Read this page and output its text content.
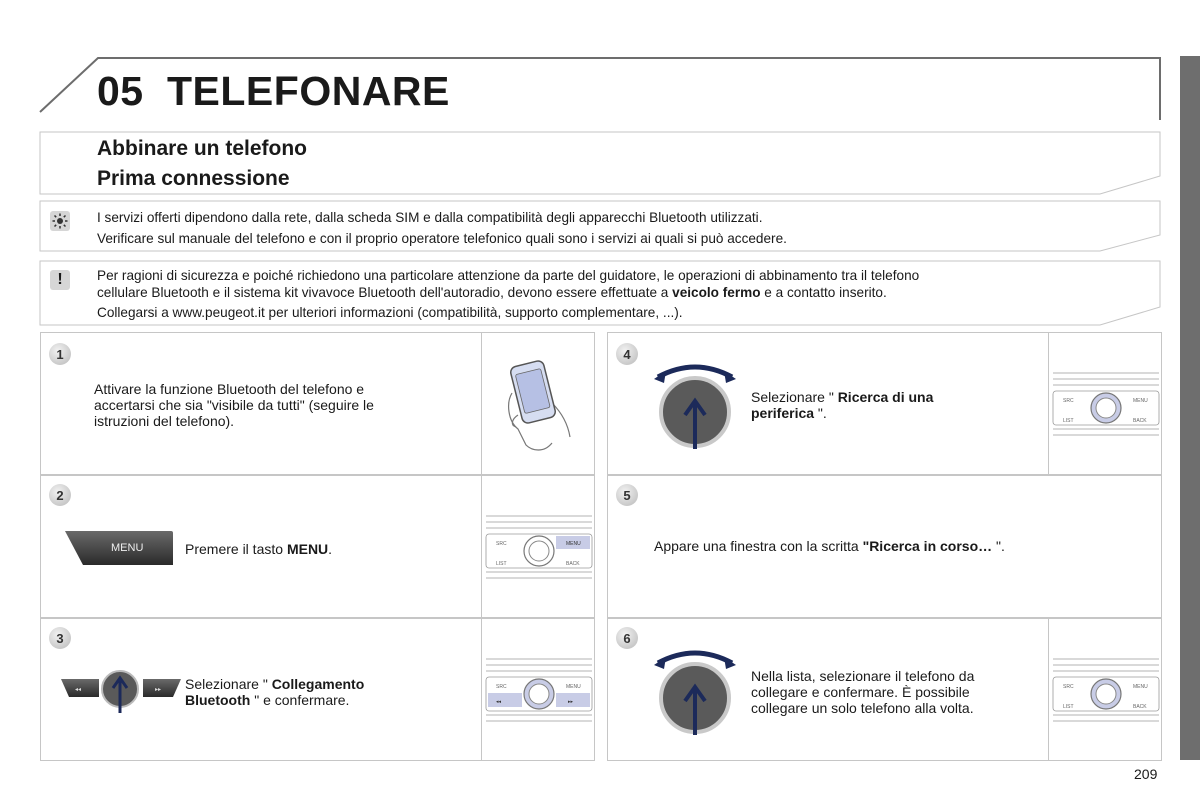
05 TELEFONARE
Abbinare un telefono
Prima connessione
I servizi offerti dipendono dalla rete, dalla scheda SIM e dalla compatibilità degli apparecchi Bluetooth utilizzati.
Verificare sul manuale del telefono e con il proprio operatore telefonico quali sono i servizi ai quali si può accedere.
!	Per ragioni di sicurezza e poiché richiedono una particolare attenzione da parte del guidatore, le operazioni di abbinamento tra il telefono
cellulare Bluetooth e il sistema kit vivavoce Bluetooth dell'autoradio, devono essere effettuate a veicolo fermo e a contatto inserito.
Collegarsi a www.peugeot.it per ulteriori informazioni (compatibilità, supporto complementare, ...).
1
Attivare la funzione Bluetooth del telefono e
accertarsi che sia "visibile da tutti" (seguire le
istruzioni del telefono).
2
MENU	Premere il tasto MENU.	SRC	MENU
LIST	BACK
3
◂◂	▸▸ Selezionare " Collegamento
Bluetooth " e confermare.
SRC	MENU
◂◂	▸▸
4
Selezionare " Ricerca di una
periferica ".
SRC	MENU
LIST	BACK
5
Appare una finestra con la scritta "Ricerca in corso… ".
6
Nella lista, selezionare il telefono da
collegare e confermare. È possibile
collegare un solo telefono alla volta.
SRC	MENU
LIST	BACK
209
